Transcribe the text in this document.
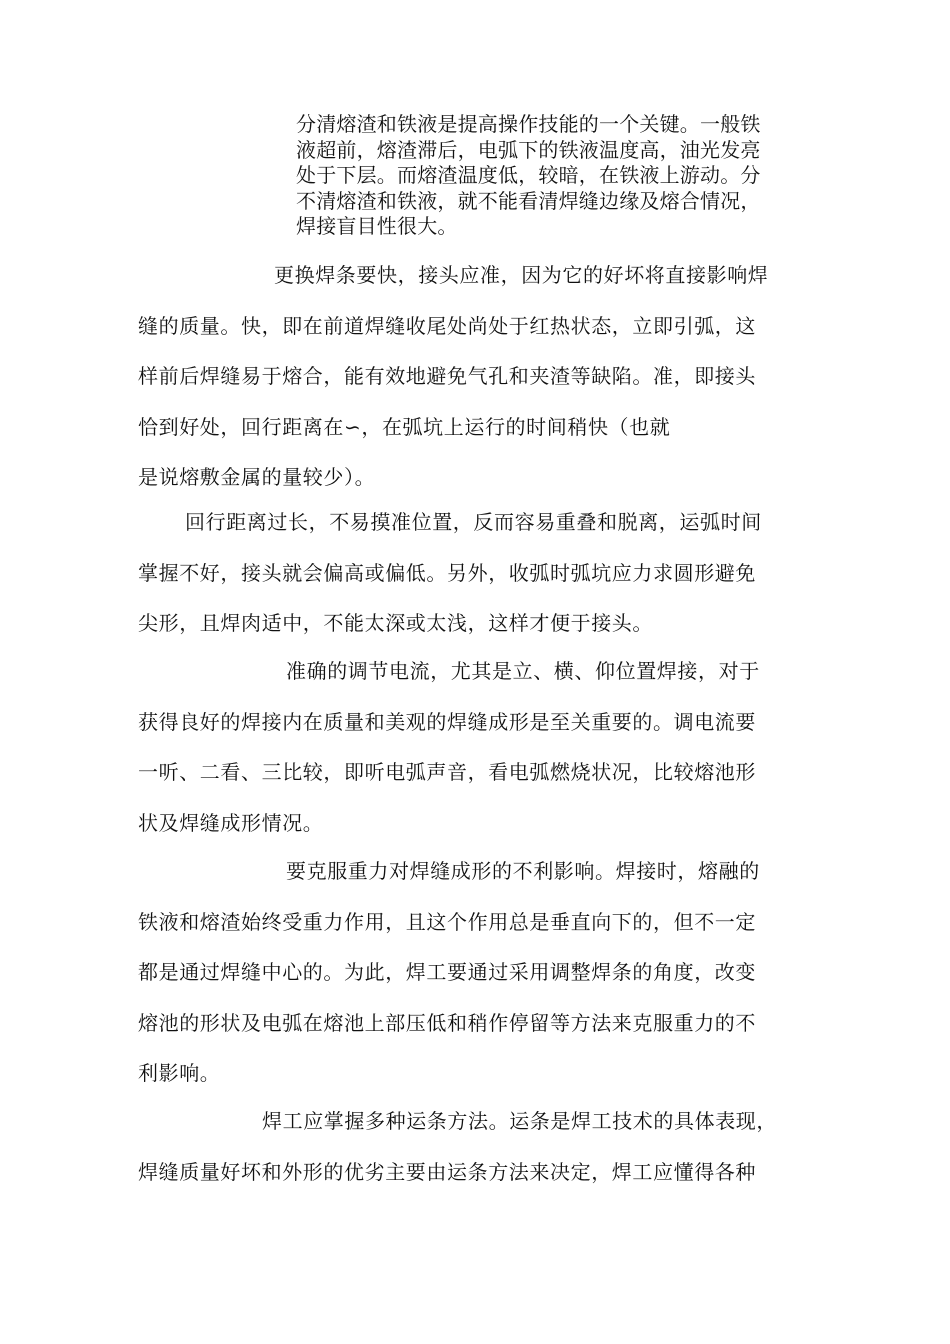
分清熔渣和铁液是提高操作技能的一个关键。一般铁
液超前，熔渣滞后，电弧下的铁液温度高，油光发亮
处于下层。而熔渣温度低，较暗，在铁液上游动。分
不清熔渣和铁液，就不能看清焊缝边缘及熔合情况，
焊接盲目性很大。
更换焊条要快，接头应准，因为它的好坏将直接影响焊
缝的质量。快，即在前道焊缝收尾处尚处于红热状态，立即引弧，这
样前后焊缝易于熔合，能有效地避免气孔和夹渣等缺陷。准，即接头
恰到好处，回行距离在∽，在弧坑上运行的时间稍快（也就
是说熔敷金属的量较少）。
回行距离过长，不易摸准位置，反而容易重叠和脱离，运弧时间
掌握不好，接头就会偏高或偏低。另外，收弧时弧坑应力求圆形避免
尖形，且焊肉适中，不能太深或太浅，这样才便于接头。
准确的调节电流，尤其是立、横、仰位置焊接，对于
获得良好的焊接内在质量和美观的焊缝成形是至关重要的。调电流要
一听、二看、三比较，即听电弧声音，看电弧燃烧状况，比较熔池形
状及焊缝成形情况。
要克服重力对焊缝成形的不利影响。焊接时，熔融的
铁液和熔渣始终受重力作用，且这个作用总是垂直向下的，但不一定
都是通过焊缝中心的。为此，焊工要通过采用调整焊条的角度，改变
熔池的形状及电弧在熔池上部压低和稍作停留等方法来克服重力的不
利影响。
焊工应掌握多种运条方法。运条是焊工技术的具体表现，
焊缝质量好坏和外形的优劣主要由运条方法来决定，焊工应懂得各种
